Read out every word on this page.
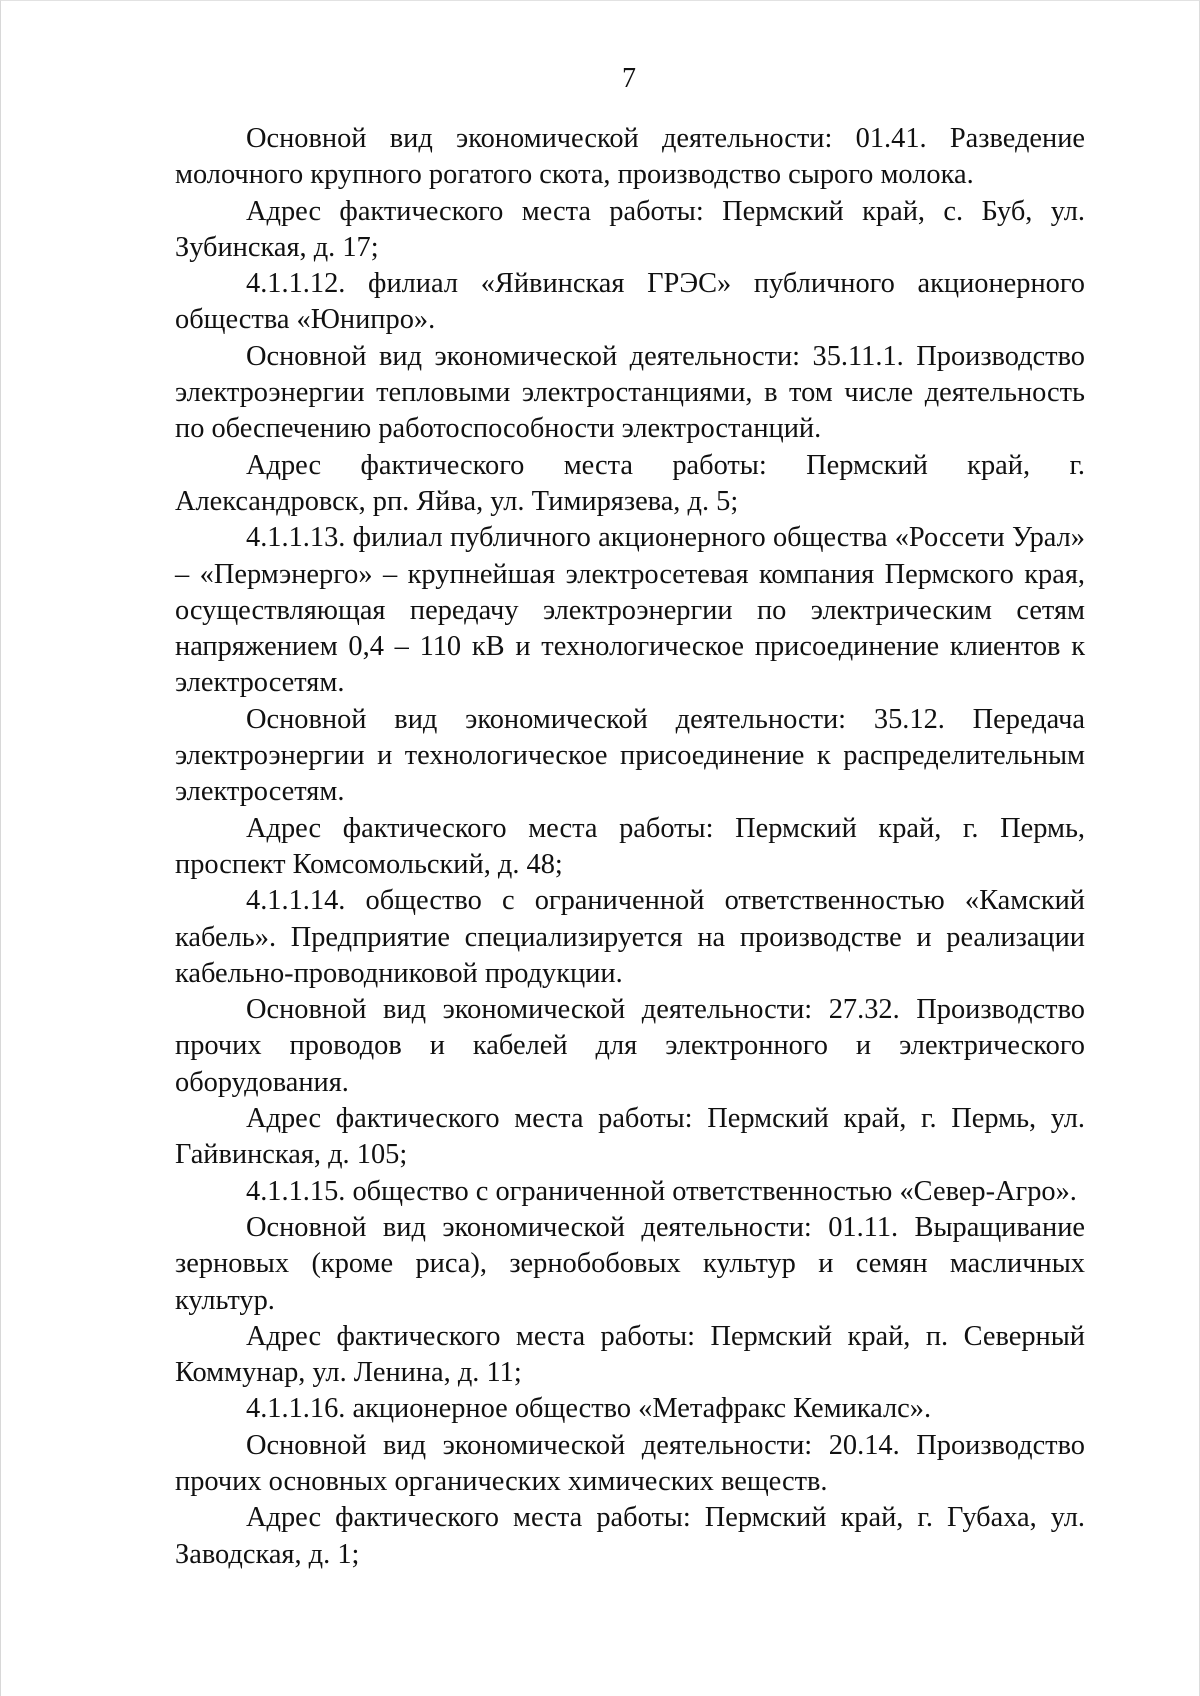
7

Основной вид экономической деятельности: 01.41. Разведение молочного крупного рогатого скота, производство сырого молока.

Адрес фактического места работы: Пермский край, с. Буб, ул. Зубинская, д. 17;

4.1.1.12. филиал «Яйвинская ГРЭС» публичного акционерного общества «Юнипро».

Основной вид экономической деятельности: 35.11.1. Производство электроэнергии тепловыми электростанциями, в том числе деятельность по обеспечению работоспособности электростанций.

Адрес фактического места работы: Пермский край, г. Александровск, рп. Яйва, ул. Тимирязева, д. 5;

4.1.1.13. филиал публичного акционерного общества «Россети Урал» – «Пермэнерго» – крупнейшая электросетевая компания Пермского края, осуществляющая передачу электроэнергии по электрическим сетям напряжением 0,4 – 110 кВ и технологическое присоединение клиентов к электросетям.

Основной вид экономической деятельности: 35.12. Передача электроэнергии и технологическое присоединение к распределительным электросетям.

Адрес фактического места работы: Пермский край, г. Пермь, проспект Комсомольский, д. 48;

4.1.1.14. общество с ограниченной ответственностью «Камский кабель». Предприятие специализируется на производстве и реализации кабельно-проводниковой продукции.

Основной вид экономической деятельности: 27.32. Производство прочих проводов и кабелей для электронного и электрического оборудования.

Адрес фактического места работы: Пермский край, г. Пермь, ул. Гайвинская, д. 105;

4.1.1.15. общество с ограниченной ответственностью «Север-Агро».

Основной вид экономической деятельности: 01.11. Выращивание зерновых (кроме риса), зернобобовых культур и семян масличных культур.

Адрес фактического места работы: Пермский край, п. Северный Коммунар, ул. Ленина, д. 11;

4.1.1.16. акционерное общество «Метафракс Кемикалс».

Основной вид экономической деятельности: 20.14. Производство прочих основных органических химических веществ.

Адрес фактического места работы: Пермский край, г. Губаха, ул. Заводская, д. 1;
